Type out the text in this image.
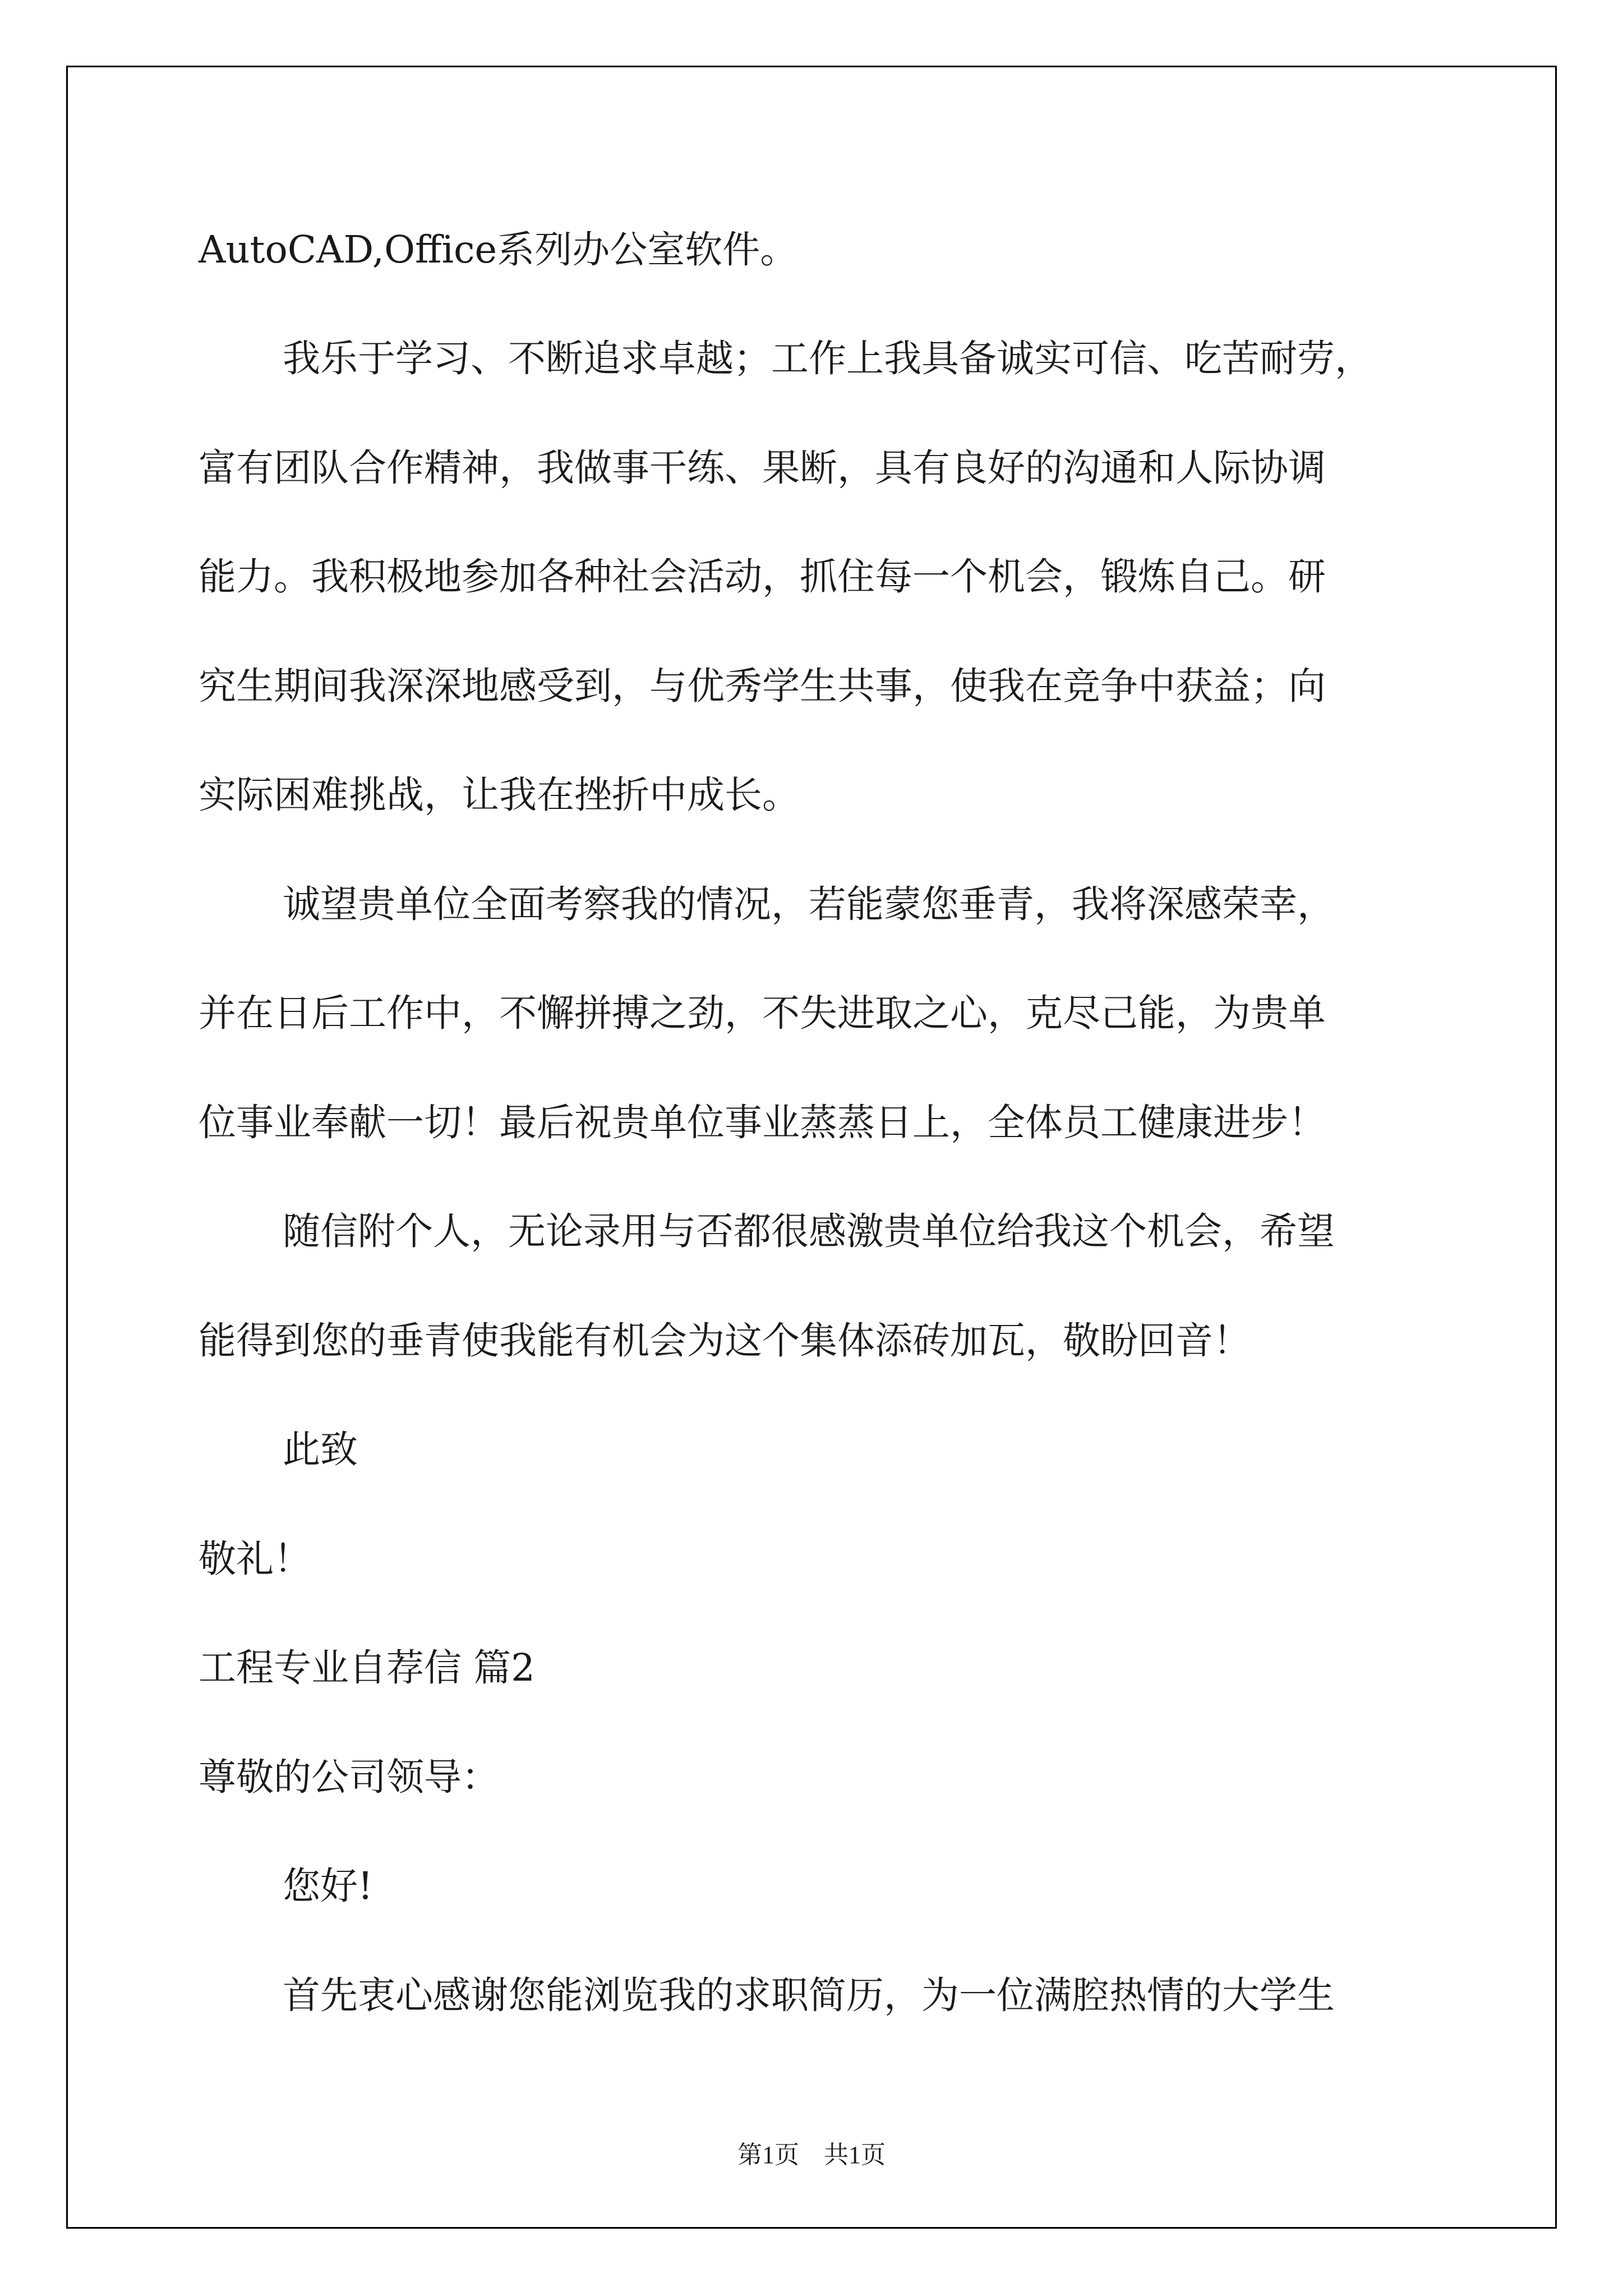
AutoCAD,Office系列办公室软件。
我乐于学习、不断追求卓越；工作上我具备诚实可信、吃苦耐劳，
富有团队合作精神，我做事干练、果断，具有良好的沟通和人际协调
能力。我积极地参加各种社会活动，抓住每一个机会，锻炼自己。研
究生期间我深深地感受到，与优秀学生共事，使我在竞争中获益；向
实际困难挑战，让我在挫折中成长。
诚望贵单位全面考察我的情况，若能蒙您垂青，我将深感荣幸，
并在日后工作中，不懈拼搏之劲，不失进取之心，克尽己能，为贵单
位事业奉献一切！最后祝贵单位事业蒸蒸日上，全体员工健康进步！
随信附个人，无论录用与否都很感激贵单位给我这个机会，希望
能得到您的垂青使我能有机会为这个集体添砖加瓦，敬盼回音！
此致
敬礼！
工程专业自荐信 篇2
尊敬的公司领导：
您好!
首先衷心感谢您能浏览我的求职简历，为一位满腔热情的大学生
第1页　共1页
